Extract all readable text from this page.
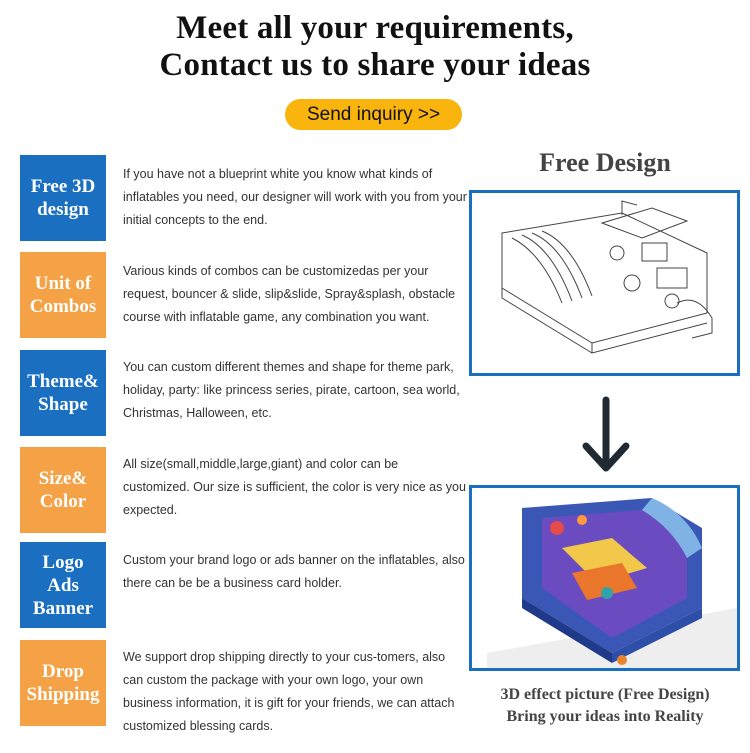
Meet all your requirements,
Contact us to share your ideas
Send inquiry >>
Free 3D
design
If you have not a blueprint white you know what kinds of inflatables you need, our designer will work with you from your initial concepts to the end.
Unit of
Combos
Various kinds of combos can be customizedas per your request, bouncer & slide, slip&slide, Spray&splash, obstacle course with inflatable game, any combination you want.
Theme&
Shape
You can custom different themes and shape for theme park, holiday, party: like princess series, pirate, cartoon, sea world, Christmas, Halloween, etc.
Size&
Color
All size(small,middle,large,giant) and color can be customized. Our size is sufficient, the color is very nice as you expected.
Logo
Ads
Banner
Custom your brand logo or ads banner on the inflatables, also there can be be a business card holder.
Drop
Shipping
We support drop shipping directly to your cus-tomers, also can custom the package with your own logo, your own business information, it is gift for your friends, we can attach customized blessing cards.
Free Design
3D effect picture (Free Design)
Bring your ideas into Reality
